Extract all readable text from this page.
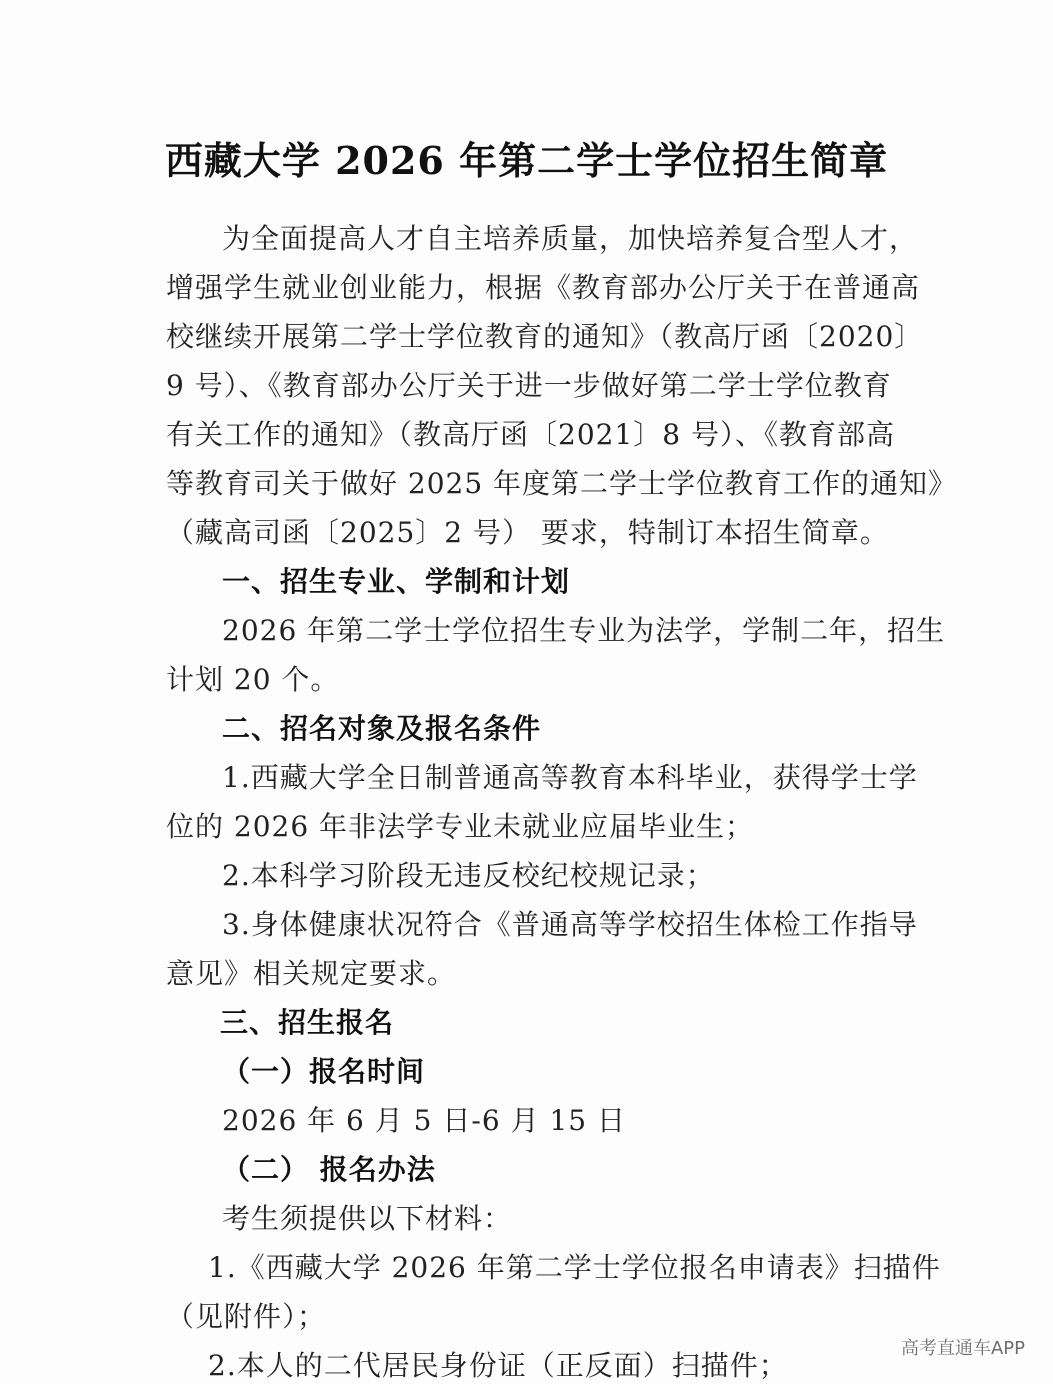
西藏大学 2026 年第二学士学位招生简章

为全面提高人才自主培养质量，加快培养复合型人才，

增强学生就业创业能力，根据《教育部办公厅关于在普通高

校继续开展第二学士学位教育的通知》（教高厅函〔2020〕

9 号）、《教育部办公厅关于进一步做好第二学士学位教育

有关工作的通知》（教高厅函〔2021〕8 号）、《教育部高

等教育司关于做好 2025 年度第二学士学位教育工作的通知》

（藏高司函〔2025〕2 号） 要求，特制订本招生简章。

一、招生专业、学制和计划

2026 年第二学士学位招生专业为法学，学制二年，招生

计划 20 个。

二、招名对象及报名条件

1.西藏大学全日制普通高等教育本科毕业，获得学士学

位的 2026 年非法学专业未就业应届毕业生；

2.本科学习阶段无违反校纪校规记录；

3.身体健康状况符合《普通高等学校招生体检工作指导

意见》相关规定要求。

三、招生报名

（一）报名时间

2026 年 6 月 5 日-6 月 15 日

（二） 报名办法

考生须提供以下材料：

1.《西藏大学 2026 年第二学士学位报名申请表》扫描件

（见附件）；

2.本人的二代居民身份证（正反面）扫描件；

高考直通车APP
